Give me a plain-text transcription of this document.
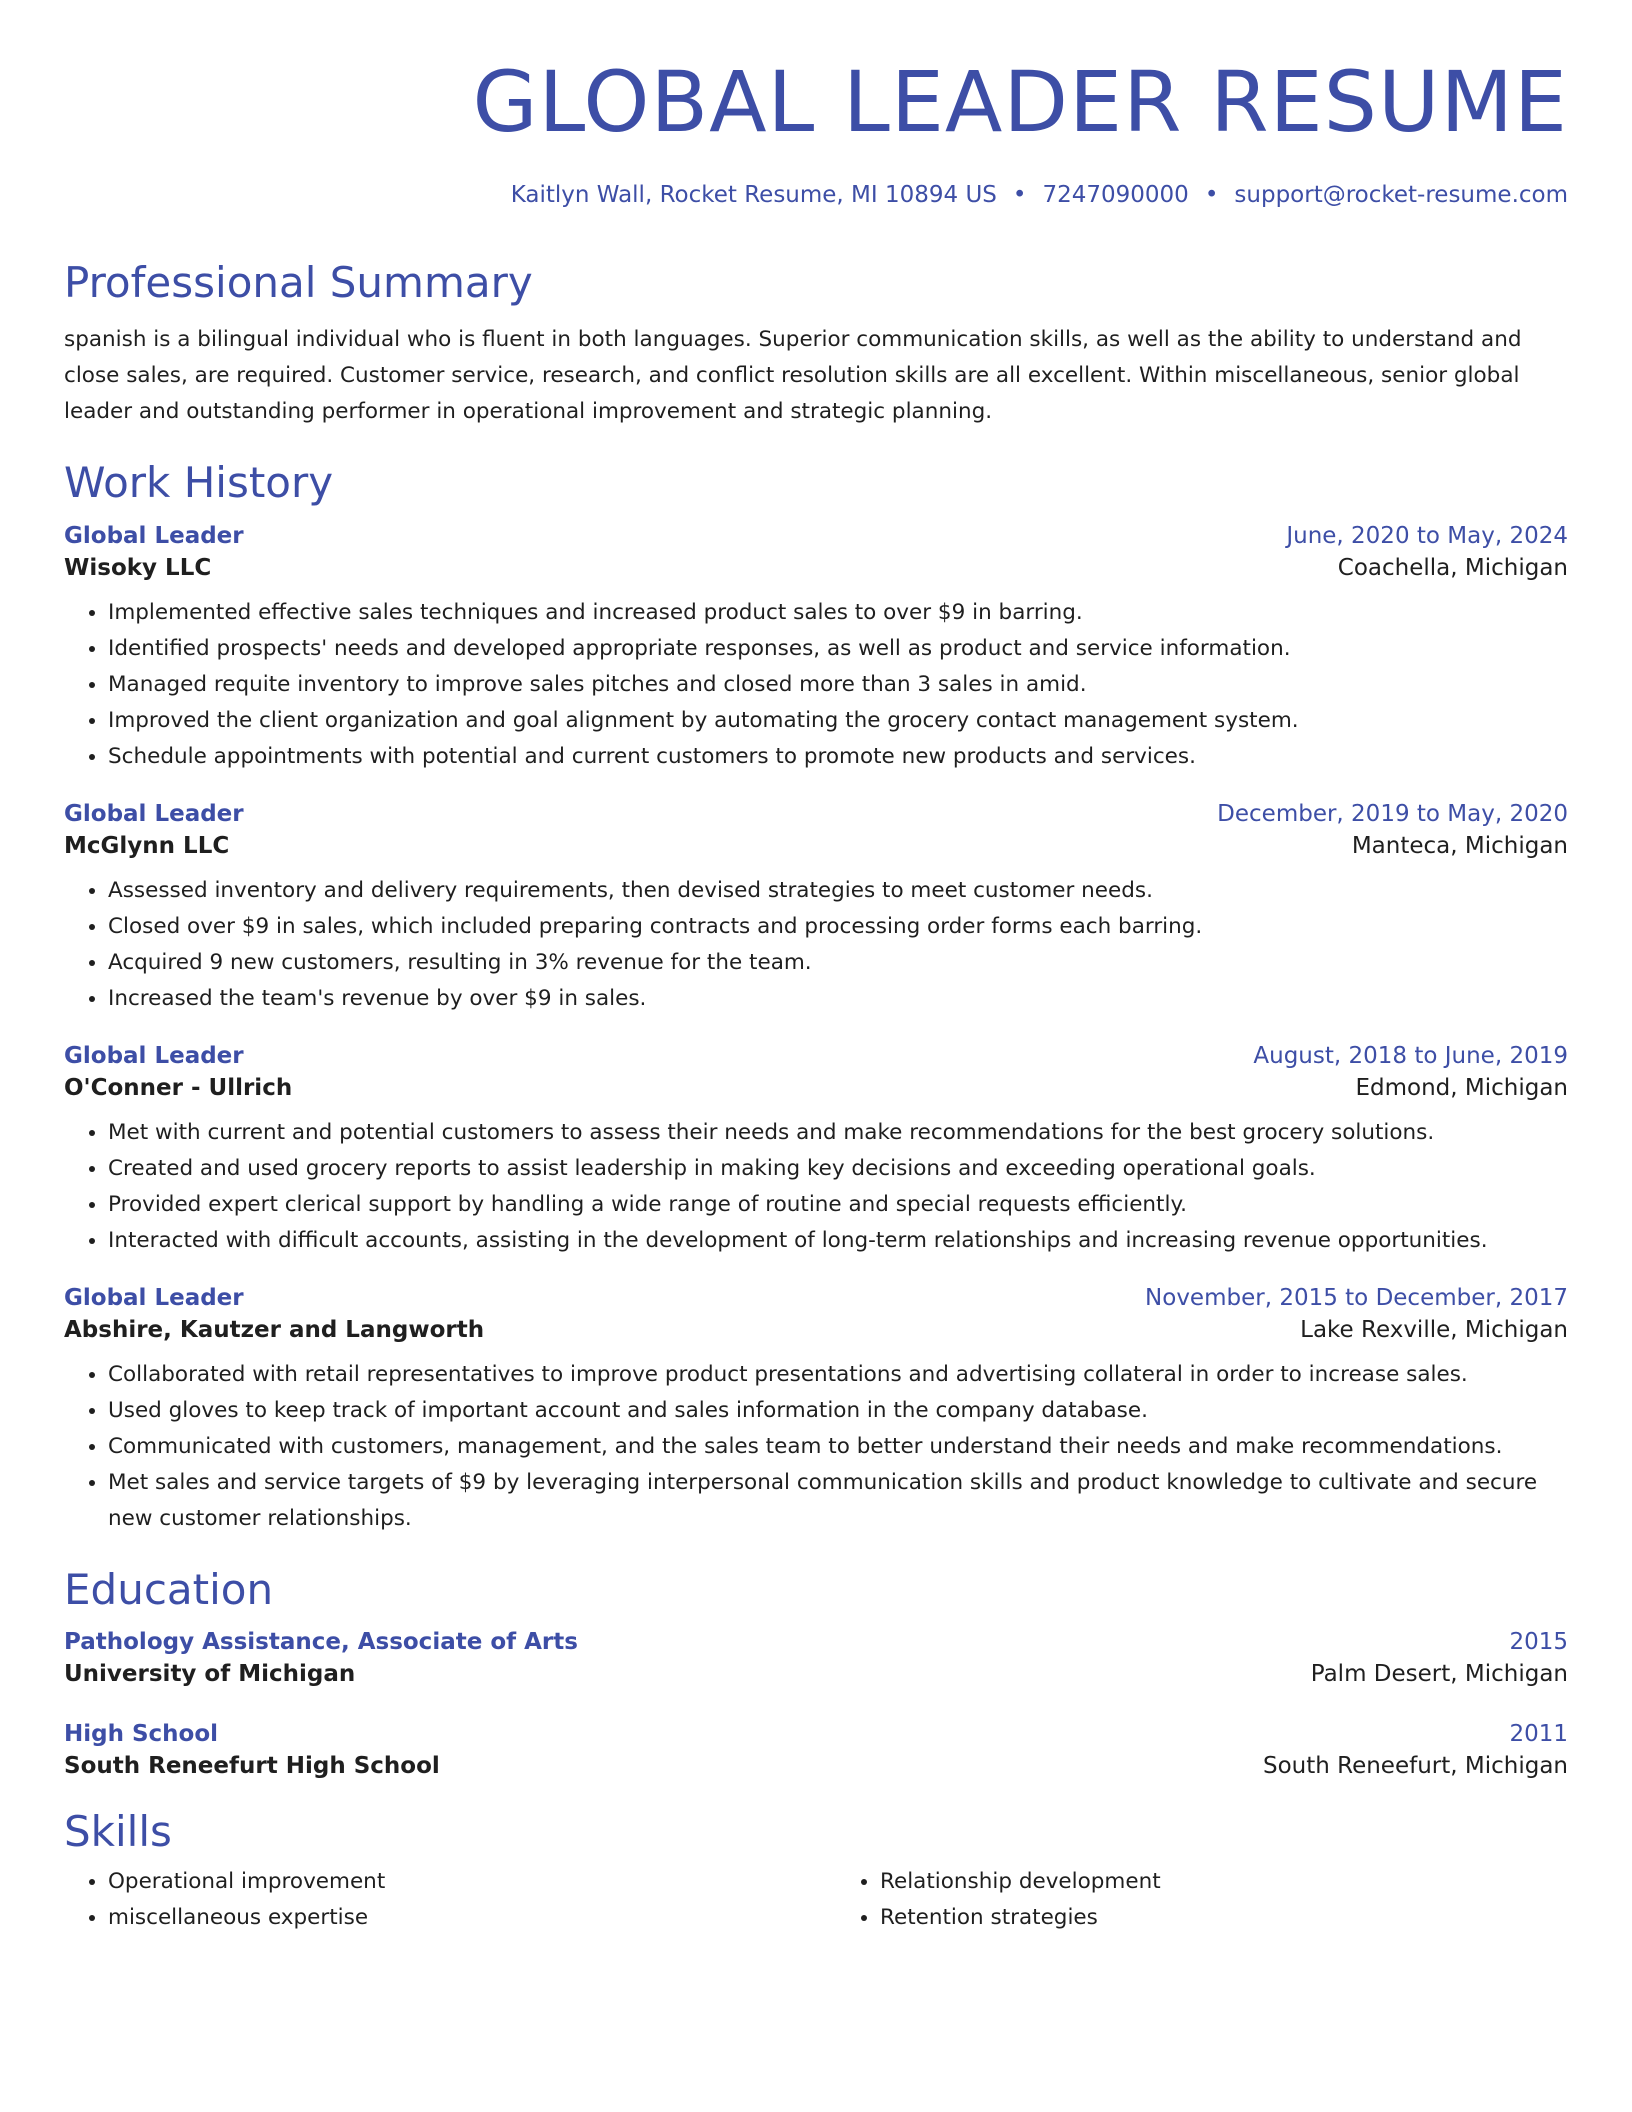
GLOBAL LEADER RESUME
Kaitlyn Wall, Rocket Resume, MI 10894 US • 7247090000 • support@rocket-resume.com
Professional Summary

spanish is a bilingual individual who is fluent in both languages. Superior communication skills, as well as the ability to understand and close sales, are required. Customer service, research, and conflict resolution skills are all excellent. Within miscellaneous, senior global leader and outstanding performer in operational improvement and strategic planning.

Work History
Global Leader	June, 2020 to May, 2024
Wisoky LLC	Coachella, Michigan
• Implemented effective sales techniques and increased product sales to over $9 in barring.
• Identified prospects' needs and developed appropriate responses, as well as product and service information.
• Managed requite inventory to improve sales pitches and closed more than 3 sales in amid.
• Improved the client organization and goal alignment by automating the grocery contact management system.
• Schedule appointments with potential and current customers to promote new products and services.
Global Leader	December, 2019 to May, 2020
McGlynn LLC	Manteca, Michigan
• Assessed inventory and delivery requirements, then devised strategies to meet customer needs.
• Closed over $9 in sales, which included preparing contracts and processing order forms each barring.
• Acquired 9 new customers, resulting in 3% revenue for the team.
• Increased the team's revenue by over $9 in sales.
Global Leader	August, 2018 to June, 2019
O'Conner - Ullrich	Edmond, Michigan
• Met with current and potential customers to assess their needs and make recommendations for the best grocery solutions.
• Created and used grocery reports to assist leadership in making key decisions and exceeding operational goals.
• Provided expert clerical support by handling a wide range of routine and special requests efficiently.
• Interacted with difficult accounts, assisting in the development of long-term relationships and increasing revenue opportunities.
Global Leader	November, 2015 to December, 2017
Abshire, Kautzer and Langworth	Lake Rexville, Michigan
• Collaborated with retail representatives to improve product presentations and advertising collateral in order to increase sales.
• Used gloves to keep track of important account and sales information in the company database.
• Communicated with customers, management, and the sales team to better understand their needs and make recommendations.
• Met sales and service targets of $9 by leveraging interpersonal communication skills and product knowledge to cultivate and secure new customer relationships.
Education
Pathology Assistance, Associate of Arts	2015
University of Michigan	Palm Desert, Michigan
High School	2011
South Reneefurt High School	South Reneefurt, Michigan
Skills
• Operational improvement
• miscellaneous expertise
• Relationship development
• Retention strategies
